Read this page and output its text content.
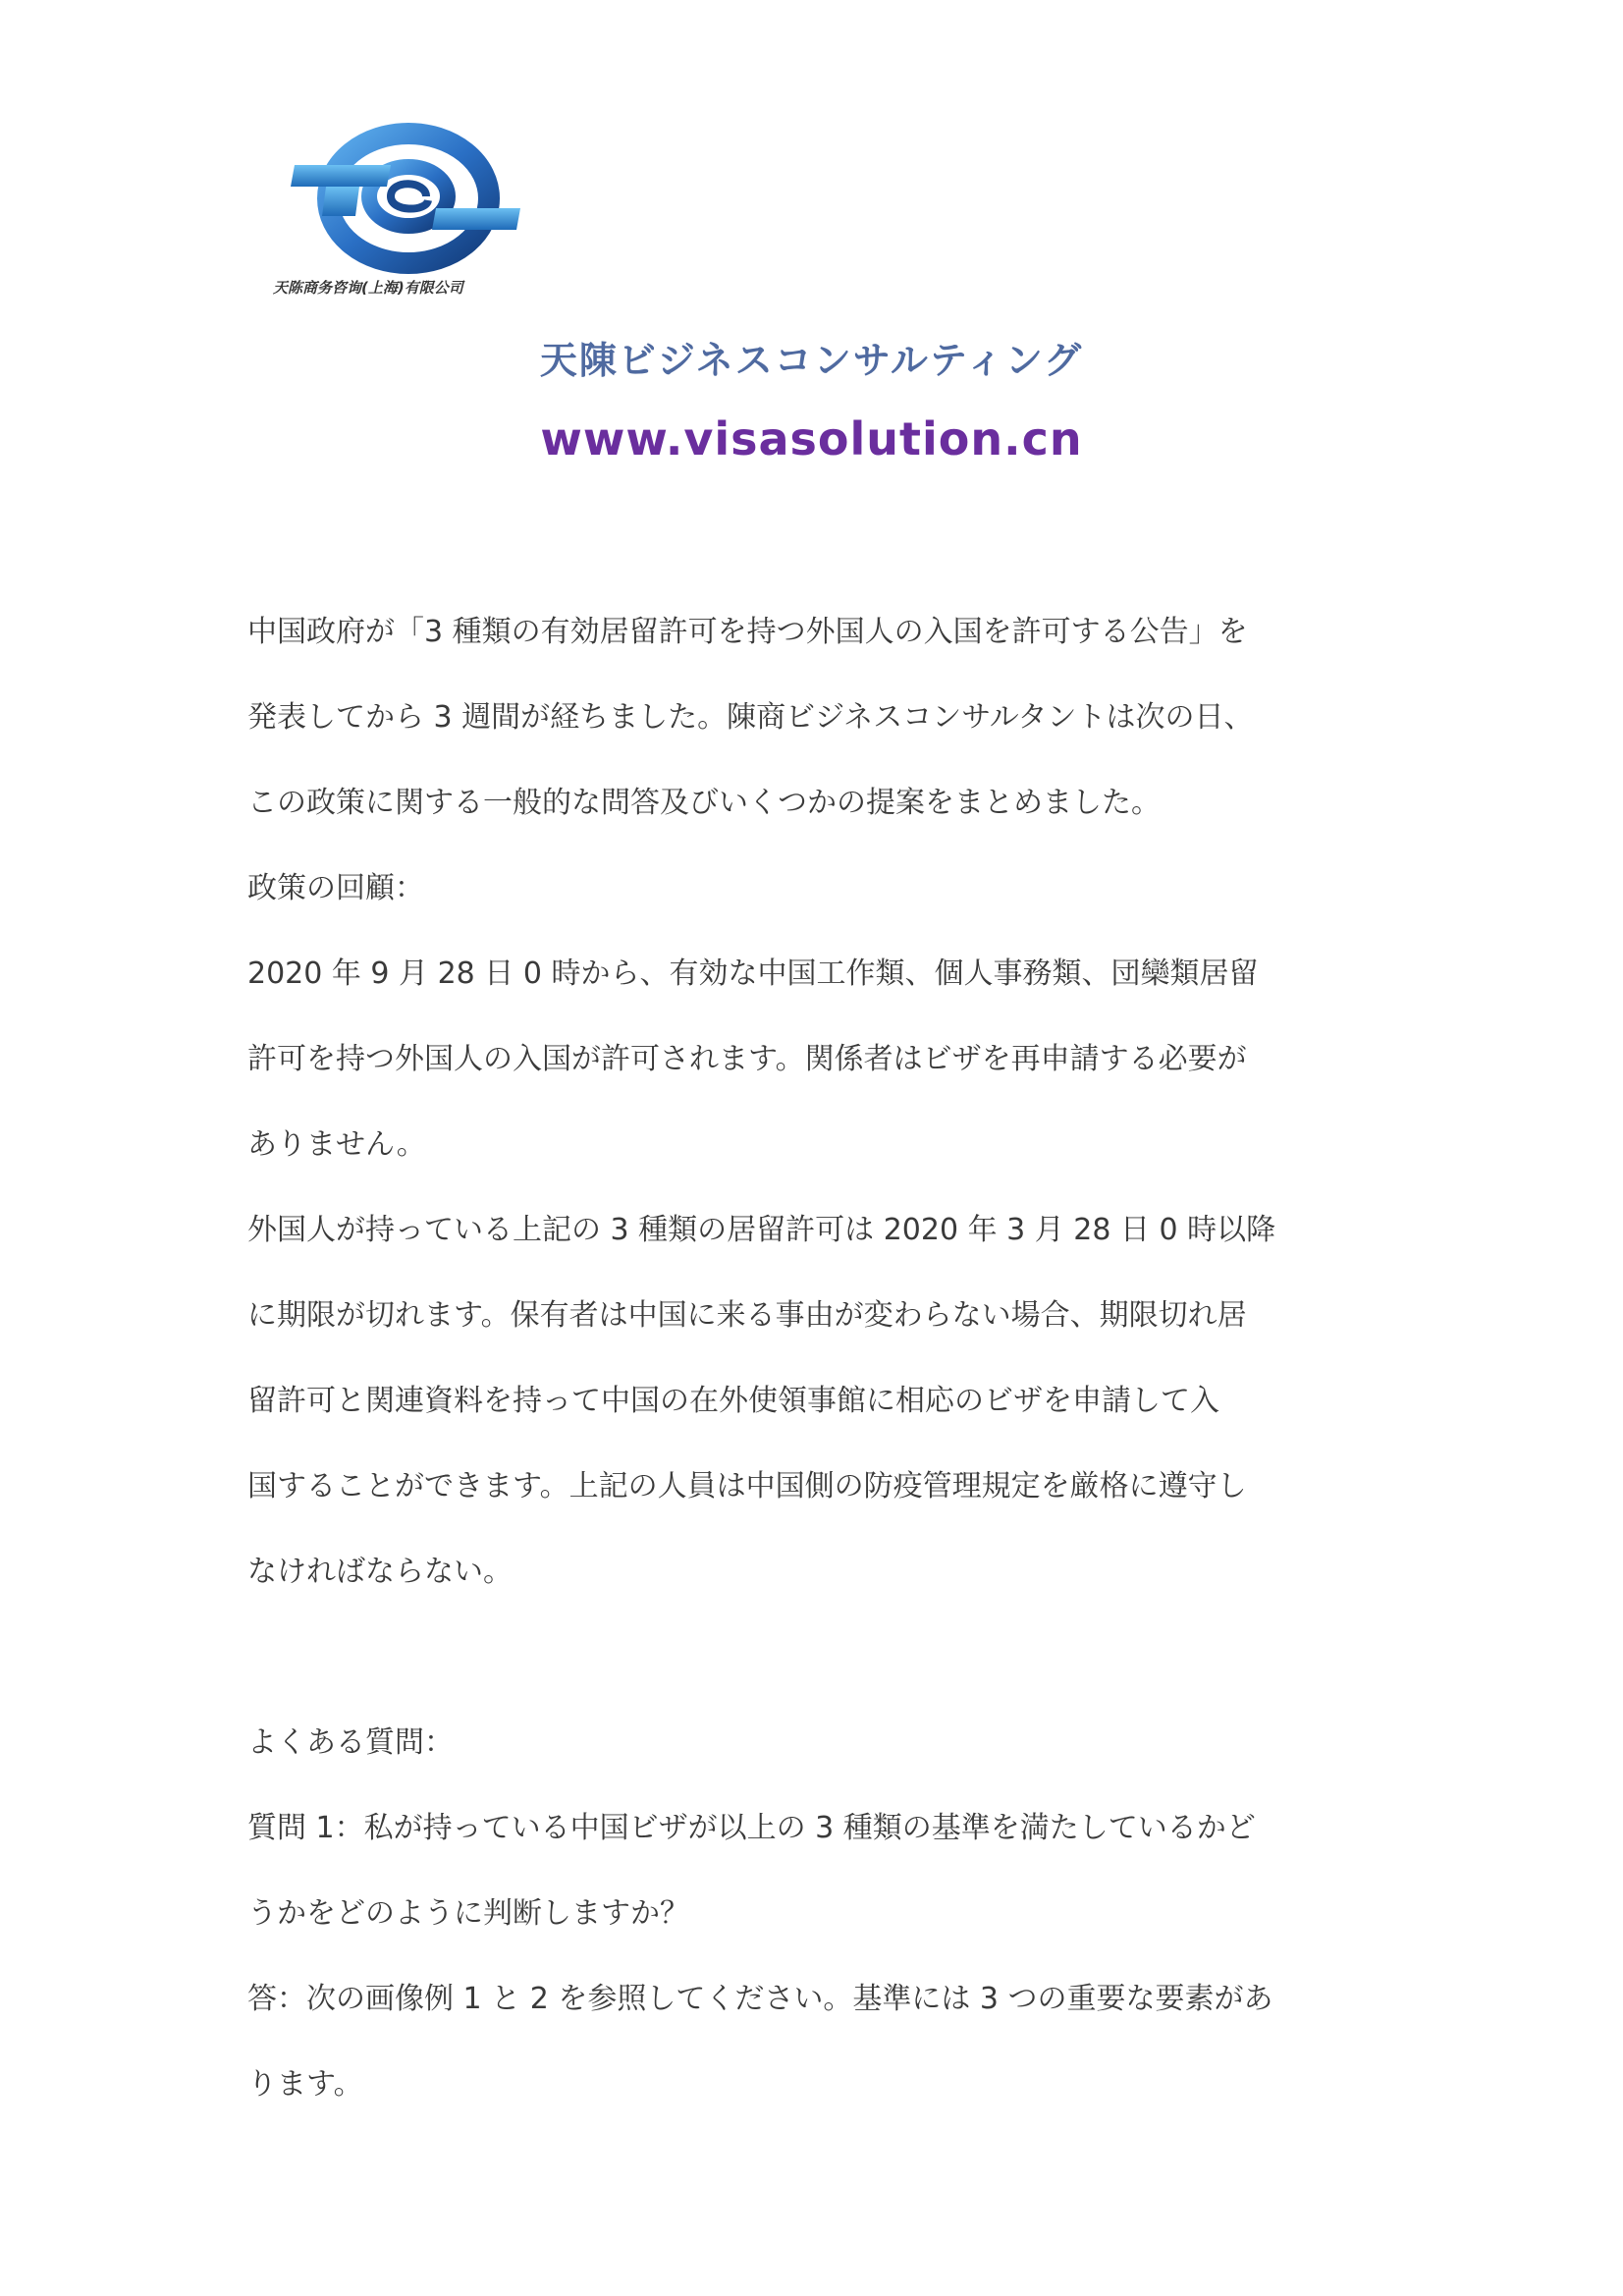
天陈商务咨询(上海)有限公司
天陳ビジネスコンサルティング
www.visasolution.cn

中国政府が「3 種類の有効居留許可を持つ外国人の入国を許可する公告」を

発表してから 3 週間が経ちました。陳商ビジネスコンサルタントは次の日、

この政策に関する一般的な問答及びいくつかの提案をまとめました。

政策の回顧：

2020 年 9 月 28 日 0 時から、有効な中国工作類、個人事務類、団欒類居留

許可を持つ外国人の入国が許可されます。関係者はビザを再申請する必要が

ありません。

外国人が持っている上記の 3 種類の居留許可は 2020 年 3 月 28 日 0 時以降

に期限が切れます。保有者は中国に来る事由が変わらない場合、期限切れ居

留許可と関連資料を持って中国の在外使領事館に相応のビザを申請して入

国することができます。上記の人員は中国側の防疫管理規定を厳格に遵守し

なければならない。

よくある質問：

質問 1：私が持っている中国ビザが以上の 3 種類の基準を満たしているかど

うかをどのように判断しますか？

答：次の画像例 1 と 2 を参照してください。基準には 3 つの重要な要素があ

ります。
